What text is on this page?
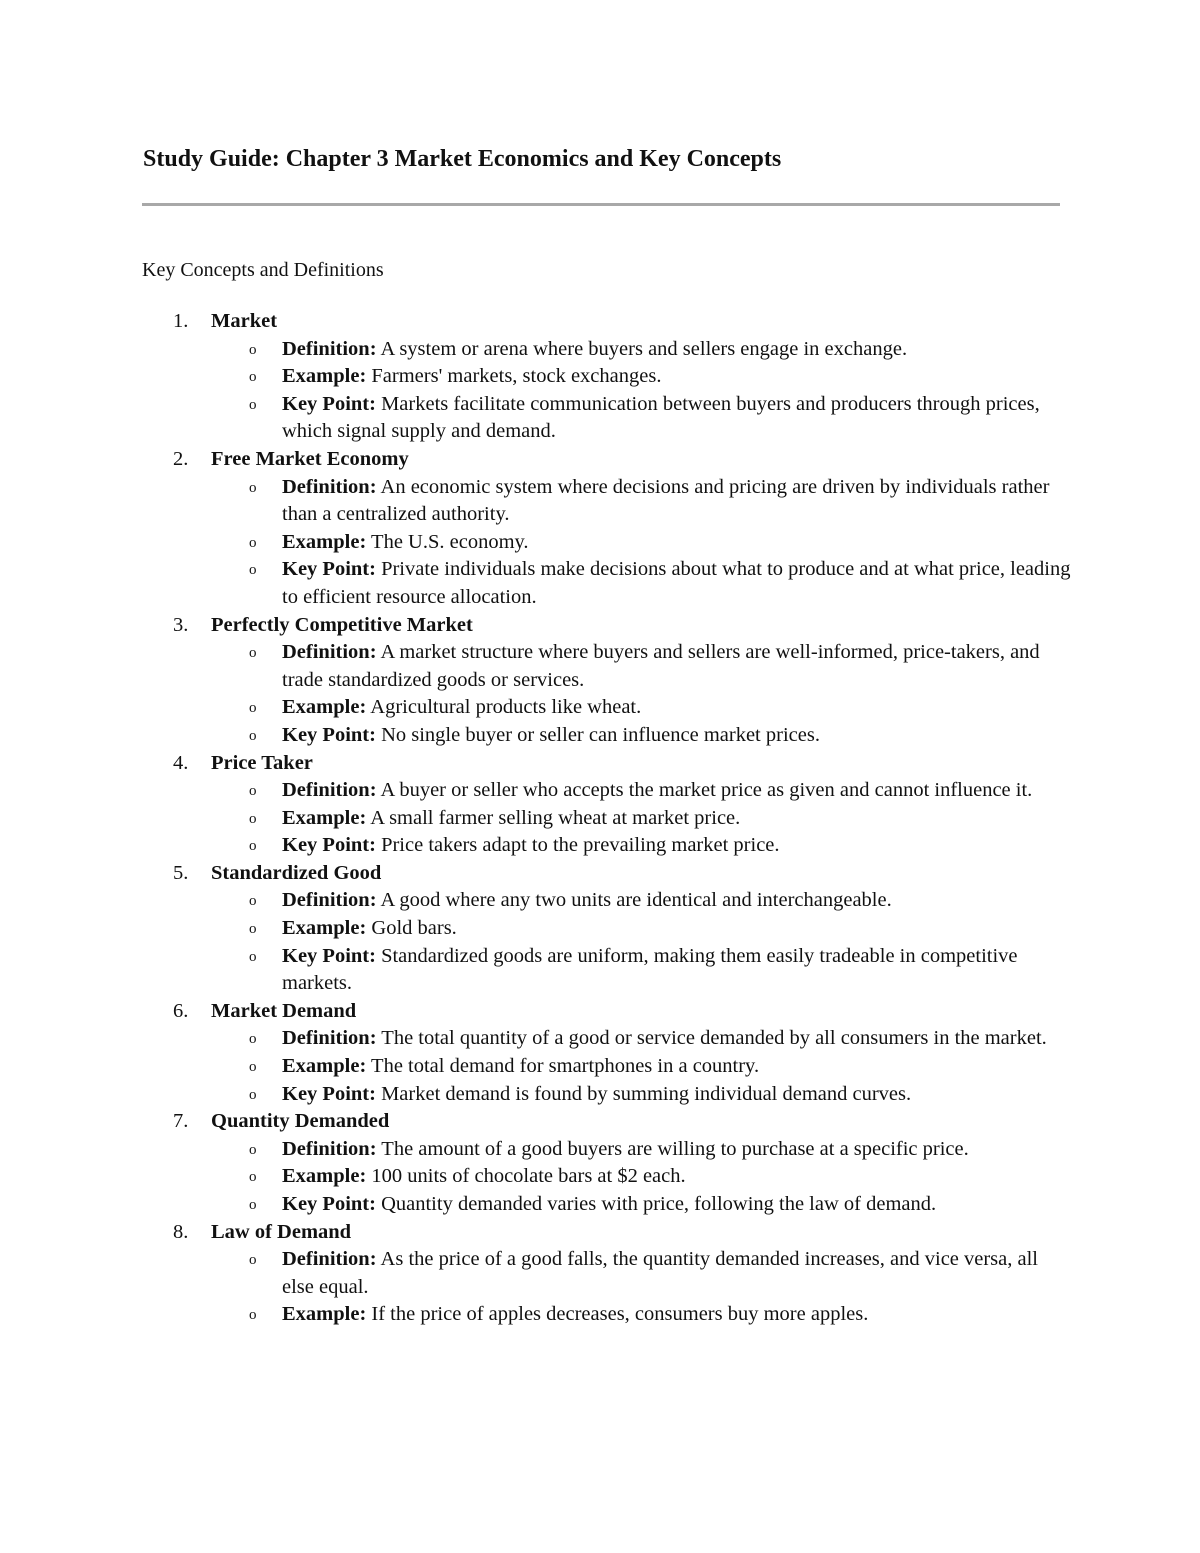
Study Guide: Chapter 3 Market Economics and Key Concepts
Key Concepts and Definitions
1. Market
o Definition: A system or arena where buyers and sellers engage in exchange.
o Example: Farmers' markets, stock exchanges.
o Key Point: Markets facilitate communication between buyers and producers through prices, which signal supply and demand.
2. Free Market Economy
o Definition: An economic system where decisions and pricing are driven by individuals rather than a centralized authority.
o Example: The U.S. economy.
o Key Point: Private individuals make decisions about what to produce and at what price, leading to efficient resource allocation.
3. Perfectly Competitive Market
o Definition: A market structure where buyers and sellers are well-informed, price-takers, and trade standardized goods or services.
o Example: Agricultural products like wheat.
o Key Point: No single buyer or seller can influence market prices.
4. Price Taker
o Definition: A buyer or seller who accepts the market price as given and cannot influence it.
o Example: A small farmer selling wheat at market price.
o Key Point: Price takers adapt to the prevailing market price.
5. Standardized Good
o Definition: A good where any two units are identical and interchangeable.
o Example: Gold bars.
o Key Point: Standardized goods are uniform, making them easily tradeable in competitive markets.
6. Market Demand
o Definition: The total quantity of a good or service demanded by all consumers in the market.
o Example: The total demand for smartphones in a country.
o Key Point: Market demand is found by summing individual demand curves.
7. Quantity Demanded
o Definition: The amount of a good buyers are willing to purchase at a specific price.
o Example: 100 units of chocolate bars at $2 each.
o Key Point: Quantity demanded varies with price, following the law of demand.
8. Law of Demand
o Definition: As the price of a good falls, the quantity demanded increases, and vice versa, all else equal.
o Example: If the price of apples decreases, consumers buy more apples.
